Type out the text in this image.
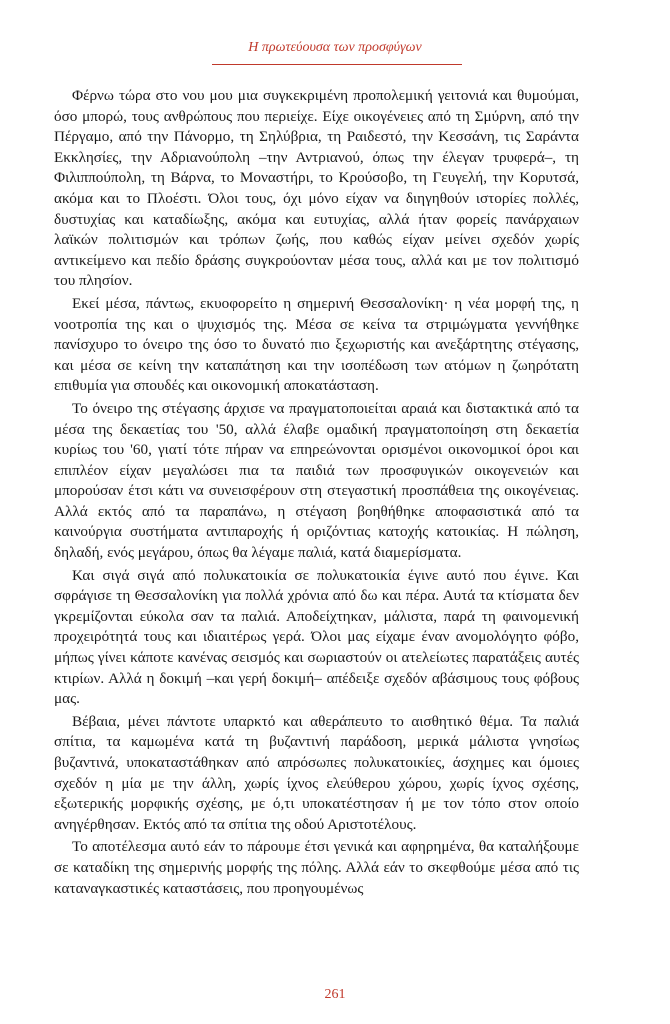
Η πρωτεύουσα των προσφύγων

Φέρνω τώρα στο νου μου μια συγκεκριμένη προπολεμική γειτονιά και θυμούμαι, όσο μπορώ, τους ανθρώπους που περιείχε. Είχε οικογένειες από τη Σμύρνη, από την Πέργαμο, από την Πάνορμο, τη Σηλύβρια, τη Ραιδεστό, την Κεσσάνη, τις Σαράντα Εκκλησίες, την Αδριανούπολη –την Αντριανού, όπως την έλεγαν τρυφερά–, τη Φιλιππούπολη, τη Βάρνα, το Μοναστήρι, το Κρούσοβο, τη Γευγελή, την Κορυτσά, ακόμα και το Πλοέστι. Όλοι τους, όχι μόνο είχαν να διηγηθούν ιστορίες πολλές, δυστυχίας και καταδίωξης, ακόμα και ευτυχίας, αλλά ήταν φορείς πανάρχαιων λαϊκών πολιτισμών και τρόπων ζωής, που καθώς είχαν μείνει σχεδόν χωρίς αντικείμενο και πεδίο δράσης συγκρούονταν μέσα τους, αλλά και με τον πολιτισμό του πλησίον.

Εκεί μέσα, πάντως, εκυοφορείτο η σημερινή Θεσσαλονίκη· η νέα μορφή της, η νοοτροπία της και ο ψυχισμός της. Μέσα σε κείνα τα στριμώγματα γεννήθηκε πανίσχυρο το όνειρο της όσο το δυνατό πιο ξεχωριστής και ανεξάρτητης στέγασης, και μέσα σε κείνη την καταπάτηση και την ισοπέδωση των ατόμων η ζωηρότατη επιθυμία για σπουδές και οικονομική αποκατάσταση.

Το όνειρο της στέγασης άρχισε να πραγματοποιείται αραιά και διστακτικά από τα μέσα της δεκαετίας του '50, αλλά έλαβε ομαδική πραγματοποίηση στη δεκαετία κυρίως του '60, γιατί τότε πήραν να επηρεώνονται ορισμένοι οικονομικοί όροι και επιπλέον είχαν μεγαλώσει πια τα παιδιά των προσφυγικών οικογενειών και μπορούσαν έτσι κάτι να συνεισφέρουν στη στεγαστική προσπάθεια της οικογένειας. Αλλά εκτός από τα παραπάνω, η στέγαση βοηθήθηκε αποφασιστικά από τα καινούργια συστήματα αντιπαροχής ή οριζόντιας κατοχής κατοικίας. Η πώληση, δηλαδή, ενός μεγάρου, όπως θα λέγαμε παλιά, κατά διαμερίσματα.

Και σιγά σιγά από πολυκατοικία σε πολυκατοικία έγινε αυτό που έγινε. Και σφράγισε τη Θεσσαλονίκη για πολλά χρόνια από δω και πέρα. Αυτά τα κτίσματα δεν γκρεμίζονται εύκολα σαν τα παλιά. Αποδείχτηκαν, μάλιστα, παρά τη φαινομενική προχειρότητά τους και ιδιαιτέρως γερά. Όλοι μας είχαμε έναν ανομολόγητο φόβο, μήπως γίνει κάποτε κανένας σεισμός και σωριαστούν οι ατελείωτες παρατάξεις αυτές κτιρίων. Αλλά η δοκιμή –και γερή δοκιμή– απέδειξε σχεδόν αβάσιμους τους φόβους μας.

Βέβαια, μένει πάντοτε υπαρκτό και αθεράπευτο το αισθητικό θέμα. Τα παλιά σπίτια, τα καμωμένα κατά τη βυζαντινή παράδοση, μερικά μάλιστα γνησίως βυζαντινά, υποκαταστάθηκαν από απρόσωπες πολυκατοικίες, άσχημες και όμοιες σχεδόν η μία με την άλλη, χωρίς ίχνος ελεύθερου χώρου, χωρίς ίχνος σχέσης, εξωτερικής μορφικής σχέσης, με ό,τι υποκατέστησαν ή με τον τόπο στον οποίο ανηγέρθησαν. Εκτός από τα σπίτια της οδού Αριστοτέλους.

Το αποτέλεσμα αυτό εάν το πάρουμε έτσι γενικά και αφηρημένα, θα καταλήξουμε σε καταδίκη της σημερινής μορφής της πόλης. Αλλά εάν το σκεφθούμε μέσα από τις καταναγκαστικές καταστάσεις, που προηγουμένως

261
